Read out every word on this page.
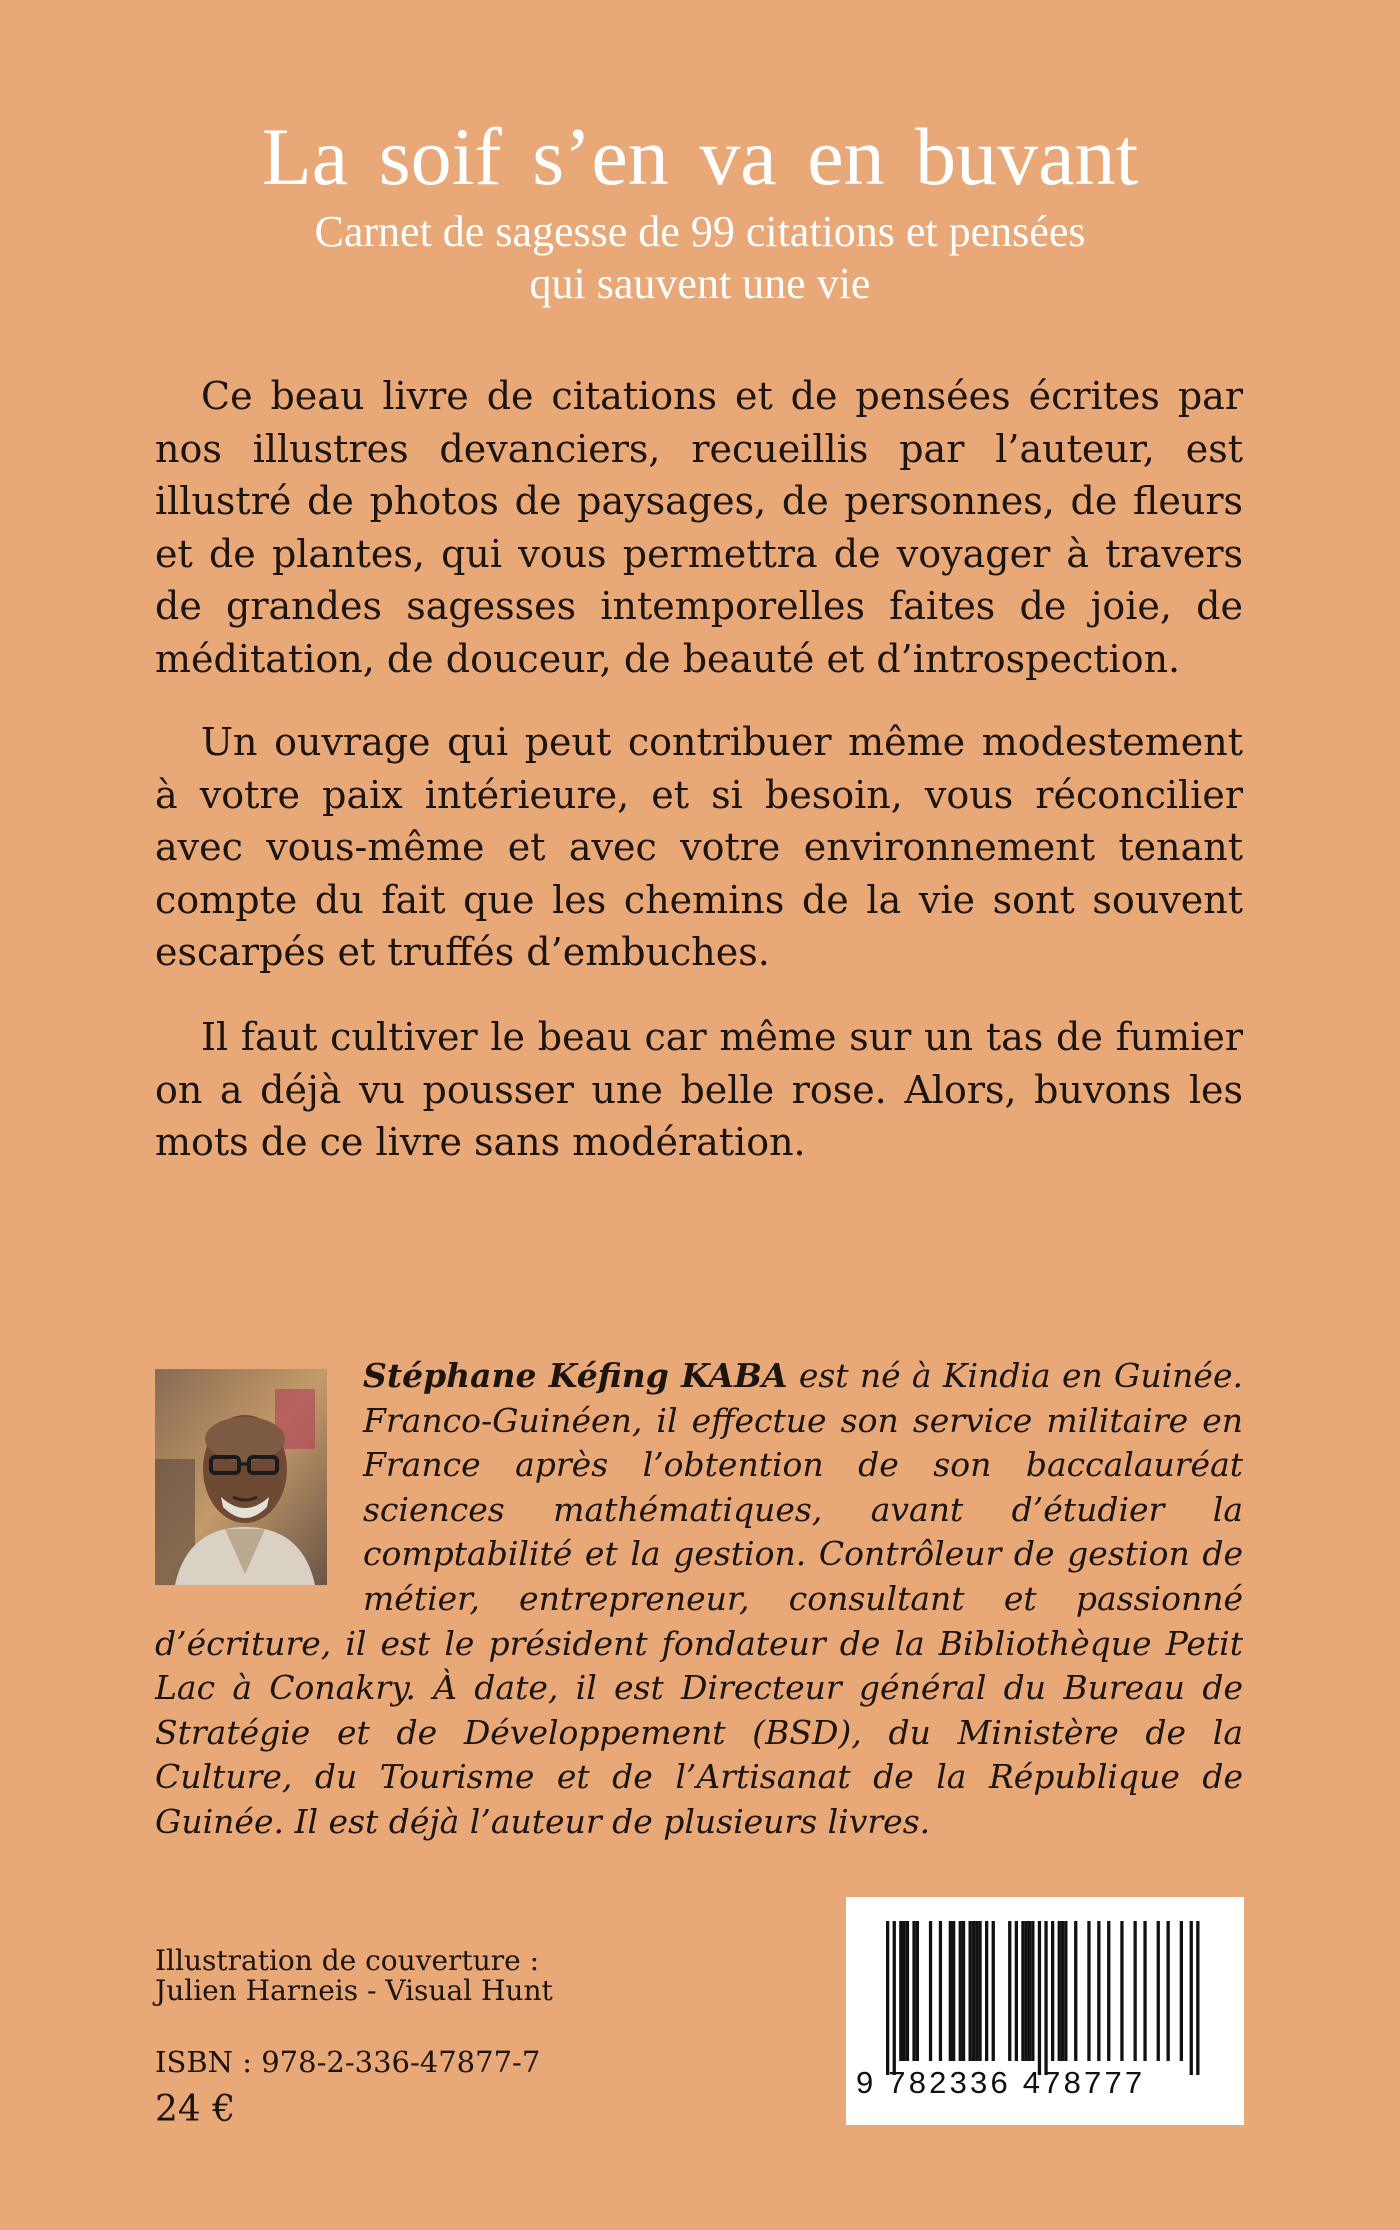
La soif s’en va en buvant
Carnet de sagesse de 99 citations et pensées
qui sauvent une vie

Ce beau livre de citations et de pensées écrites par nos illustres devanciers, recueillis par l’auteur, est illustré de photos de paysages, de personnes, de fleurs et de plantes, qui vous permettra de voyager à travers de grandes sagesses intemporelles faites de joie, de méditation, de douceur, de beauté et d’introspection.

Un ouvrage qui peut contribuer même modestement à votre paix intérieure, et si besoin, vous réconcilier avec vous-même et avec votre environnement tenant compte du fait que les chemins de la vie sont souvent escarpés et truffés d’embuches.

Il faut cultiver le beau car même sur un tas de fumier on a déjà vu pousser une belle rose. Alors, buvons les mots de ce livre sans modération.

Stéphane Kéfing KABA est né à Kindia en Guinée. Franco-Guinéen, il effectue son service militaire en France après l’obtention de son baccalauréat sciences mathématiques, avant d’étudier la comptabilité et la gestion. Contrôleur de gestion de métier, entrepreneur, consultant et passionné d’écriture, il est le président fondateur de la Bibliothèque Petit Lac à Conakry. À date, il est Directeur général du Bureau de Stratégie et de Développement (BSD), du Ministère de la Culture, du Tourisme et de l’Artisanat de la République de Guinée. Il est déjà l’auteur de plusieurs livres.
Illustration de couverture :
Julien Harneis - Visual Hunt
ISBN : 978-2-336-47877-7
24 €
9 782336 478777
